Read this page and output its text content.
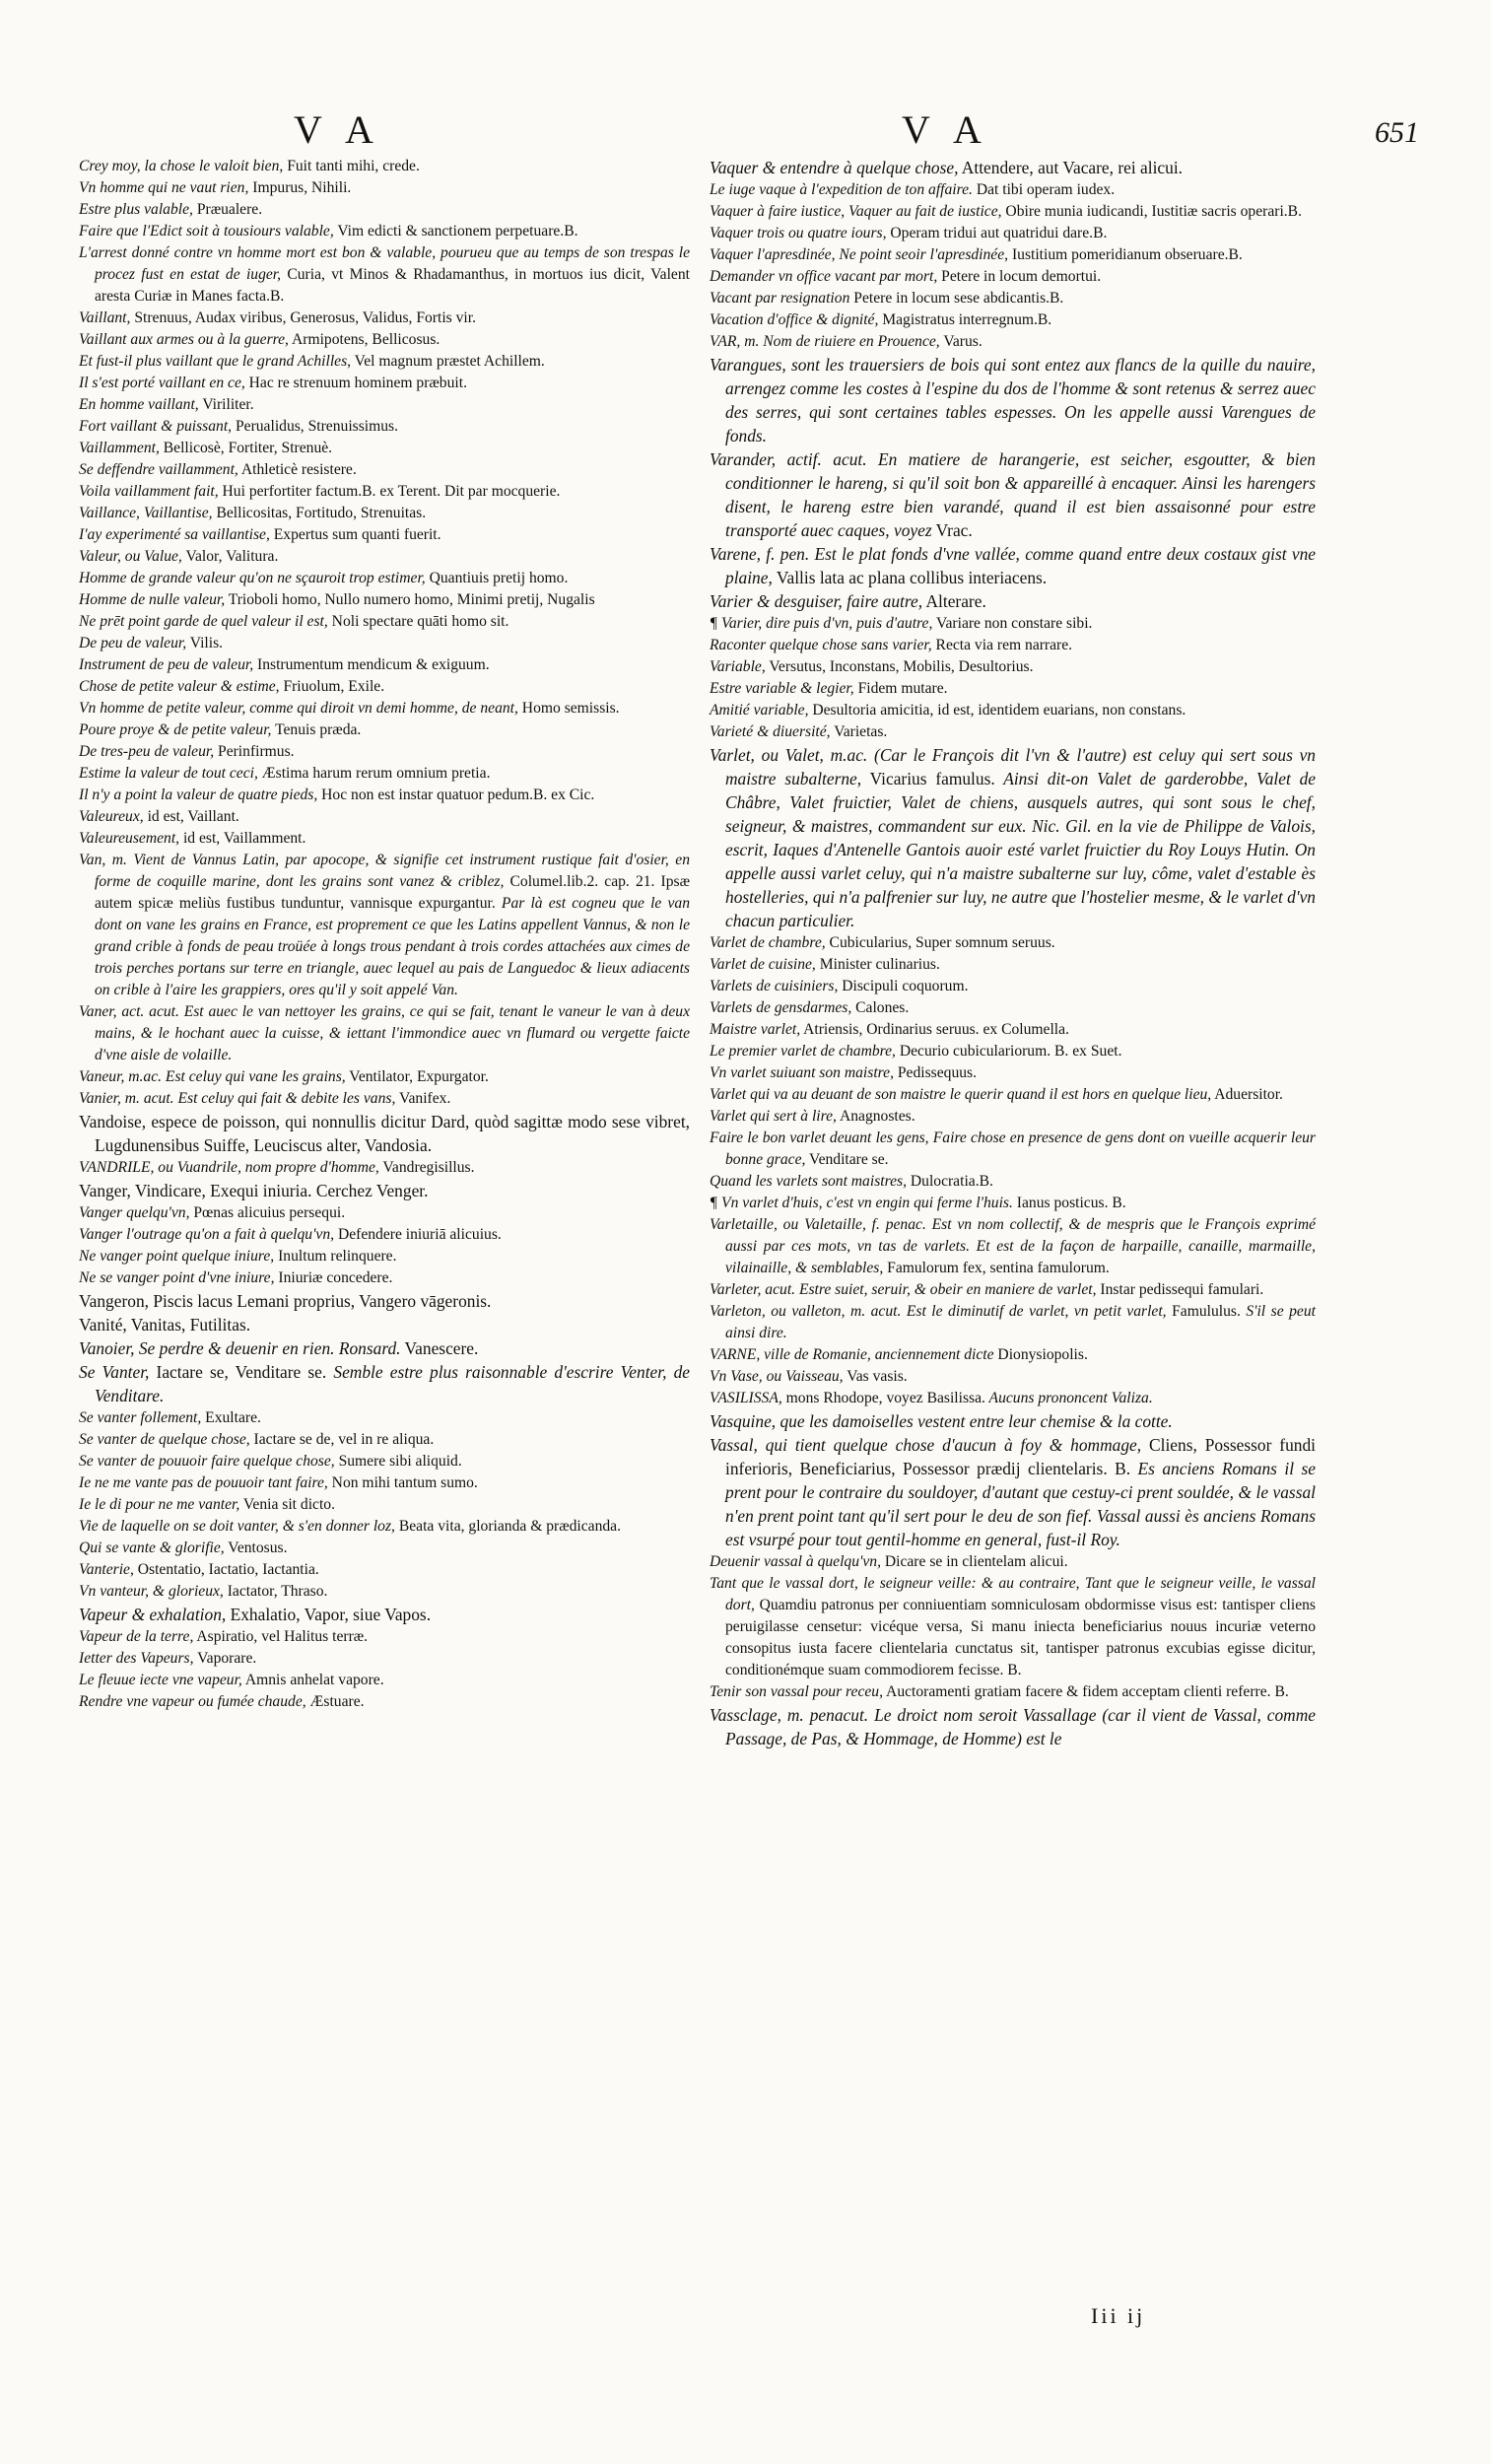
V A	V A	651

Crey moy, la chose le valoit bien, Fuit tanti mihi, crede.

Vn homme qui ne vaut rien, Impurus, Nihili.

Estre plus valable, Præualere.

Faire que l'Edict soit à tousiours valable, Vim edicti & sanctionem perpetuare.B.

L'arrest donné contre vn homme mort est bon & valable, pourueu que au temps de son trespas le procez fust en estat de iuger, Curia, vt Minos & Rhadamanthus, in mortuos ius dicit, Valent aresta Curiæ in Manes facta.B.

Vaillant, Strenuus, Audax viribus, Generosus, Validus, Fortis vir.

Vaillant aux armes ou à la guerre, Armipotens, Bellicosus.

Et fust-il plus vaillant que le grand Achilles, Vel magnum præstet Achillem.

Il s'est porté vaillant en ce, Hac re strenuum hominem præbuit.

En homme vaillant, Viriliter.

Fort vaillant & puissant, Perualidus, Strenuissimus.

Vaillamment, Bellicosè, Fortiter, Strenuè.

Se deffendre vaillamment, Athleticè resistere.

Voila vaillamment fait, Hui perfortiter factum.B. ex Terent. Dit par mocquerie.

Vaillance, Vaillantise, Bellicositas, Fortitudo, Strenuitas.

I'ay experimenté sa vaillantise, Expertus sum quanti fuerit.

Valeur, ou Value, Valor, Valitura.

Homme de grande valeur qu'on ne sçauroit trop estimer, Quantiuis pretij homo.

Homme de nulle valeur, Trioboli homo, Nullo numero homo, Minimi pretij, Nugalis

Ne prēt point garde de quel valeur il est, Noli spectare quāti homo sit.

De peu de valeur, Vilis.

Instrument de peu de valeur, Instrumentum mendicum & exiguum.

Chose de petite valeur & estime, Friuolum, Exile.

Vn homme de petite valeur, comme qui diroit vn demi homme, de neant, Homo semissis.

Poure proye & de petite valeur, Tenuis præda.

De tres-peu de valeur, Perinfirmus.

Estime la valeur de tout ceci, Æstima harum rerum omnium pretia.

Il n'y a point la valeur de quatre pieds, Hoc non est instar quatuor pedum.B. ex Cic.

Valeureux, id est, Vaillant.

Valeureusement, id est, Vaillamment.

Van, m. Vient de Vannus Latin, par apocope, & signifie cet instrument rustique fait d'osier, en forme de coquille marine, dont les grains sont vanez & criblez, Columel.lib.2. cap. 21. Ipsæ autem spicæ meliùs fustibus tunduntur, vannisque expurgantur. Par là est cogneu que le van dont on vane les grains en France, est proprement ce que les Latins appellent Vannus, & non le grand crible à fonds de peau troüée à longs trous pendant à trois cordes attachées aux cimes de trois perches portans sur terre en triangle, auec lequel au pais de Languedoc & lieux adiacents on crible à l'aire les grappiers, ores qu'il y soit appelé Van.

Vaner, act. acut. Est auec le van nettoyer les grains, ce qui se fait, tenant le vaneur le van à deux mains, & le hochant auec la cuisse, & iettant l'immondice auec vn flumard ou vergette faicte d'vne aisle de volaille.

Vaneur, m.ac. Est celuy qui vane les grains, Ventilator, Expurgator.

Vanier, m. acut. Est celuy qui fait & debite les vans, Vanifex.

Vandoise, espece de poisson, qui nonnullis dicitur Dard, quòd sagittæ modo sese vibret, Lugdunensibus Suiffe, Leuciscus alter, Vandosia.

VANDRILE, ou Vuandrile, nom propre d'homme, Vandregisillus.

Vanger, Vindicare, Exequi iniuria. Cerchez Venger.

Vanger quelqu'vn, Pœnas alicuius persequi.

Vanger l'outrage qu'on a fait à quelqu'vn, Defendere iniuriā alicuius.

Ne vanger point quelque iniure, Inultum relinquere.

Ne se vanger point d'vne iniure, Iniuriæ concedere.

Vangeron, Piscis lacus Lemani proprius, Vangero vāgeronis.

Vanité, Vanitas, Futilitas.

Vanoier, Se perdre & deuenir en rien. Ronsard. Vanescere.

Se Vanter, Iactare se, Venditare se. Semble estre plus raisonnable d'escrire Venter, de Venditare.

Se vanter follement, Exultare.

Se vanter de quelque chose, Iactare se de, vel in re aliqua.

Se vanter de pouuoir faire quelque chose, Sumere sibi aliquid.

Ie ne me vante pas de pouuoir tant faire, Non mihi tantum sumo.

Ie le di pour ne me vanter, Venia sit dicto.

Vie de laquelle on se doit vanter, & s'en donner loz, Beata vita, glorianda & prædicanda.

Qui se vante & glorifie, Ventosus.

Vanterie, Ostentatio, Iactatio, Iactantia.

Vn vanteur, & glorieux, Iactator, Thraso.

Vapeur & exhalation, Exhalatio, Vapor, siue Vapos.

Vapeur de la terre, Aspiratio, vel Halitus terræ.

Ietter des Vapeurs, Vaporare.

Le fleuue iecte vne vapeur, Amnis anhelat vapore.

Rendre vne vapeur ou fumée chaude, Æstuare.

Vaquer & entendre à quelque chose, Attendere, aut Vacare, rei alicui.

Le iuge vaque à l'expedition de ton affaire. Dat tibi operam iudex.

Vaquer à faire iustice, Vaquer au fait de iustice, Obire munia iudicandi, Iustitiæ sacris operari.B.

Vaquer trois ou quatre iours, Operam tridui aut quatridui dare.B.

Vaquer l'apresdinée, Ne point seoir l'apresdinée, Iustitium pomeridianum obseruare.B.

Demander vn office vacant par mort, Petere in locum demortui.

Vacant par resignation Petere in locum sese abdicantis.B.

Vacation d'office & dignité, Magistratus interregnum.B.

VAR, m. Nom de riuiere en Prouence, Varus.

Varangues, sont les trauersiers de bois qui sont entez aux flancs de la quille du nauire, arrengez comme les costes à l'espine du dos de l'homme & sont retenus & serrez auec des serres, qui sont certaines tables espesses. On les appelle aussi Varengues de fonds.

Varander, actif. acut. En matiere de harangerie, est seicher, esgoutter, & bien conditionner le hareng, si qu'il soit bon & appareillé à encaquer. Ainsi les harengers disent, le hareng estre bien varandé, quand il est bien assaisonné pour estre transporté auec caques, voyez Vrac.

Varene, f. pen. Est le plat fonds d'vne vallée, comme quand entre deux costaux gist vne plaine, Vallis lata ac plana collibus interiacens.

Varier & desguiser, faire autre, Alterare.

¶ Varier, dire puis d'vn, puis d'autre, Variare non constare sibi.

Raconter quelque chose sans varier, Recta via rem narrare.

Variable, Versutus, Inconstans, Mobilis, Desultorius.

Estre variable & legier, Fidem mutare.

Amitié variable, Desultoria amicitia, id est, identidem euarians, non constans.

Varieté & diuersité, Varietas.

Varlet, ou Valet, m.ac. (Car le François dit l'vn & l'autre) est celuy qui sert sous vn maistre subalterne, Vicarius famulus. Ainsi dit-on Valet de garderobbe, Valet de Châbre, Valet fruictier, Valet de chiens, ausquels autres, qui sont sous le chef, seigneur, & maistres, commandent sur eux. Nic. Gil. en la vie de Philippe de Valois, escrit, Iaques d'Antenelle Gantois auoir esté varlet fruictier du Roy Louys Hutin. On appelle aussi varlet celuy, qui n'a maistre subalterne sur luy, côme, valet d'estable ès hostelleries, qui n'a palfrenier sur luy, ne autre que l'hostelier mesme, & le varlet d'vn chacun particulier.

Varlet de chambre, Cubicularius, Super somnum seruus.

Varlet de cuisine, Minister culinarius.

Varlets de cuisiniers, Discipuli coquorum.

Varlets de gensdarmes, Calones.

Maistre varlet, Atriensis, Ordinarius seruus. ex Columella.

Le premier varlet de chambre, Decurio cubiculariorum. B. ex Suet.

Vn varlet suiuant son maistre, Pedissequus.

Varlet qui va au deuant de son maistre le querir quand il est hors en quelque lieu, Aduersitor.

Varlet qui sert à lire, Anagnostes.

Faire le bon varlet deuant les gens, Faire chose en presence de gens dont on vueille acquerir leur bonne grace, Venditare se.

Quand les varlets sont maistres, Dulocratia.B.

¶ Vn varlet d'huis, c'est vn engin qui ferme l'huis. Ianus posticus. B.

Varletaille, ou Valetaille, f. penac. Est vn nom collectif, & de mespris que le François exprimé aussi par ces mots, vn tas de varlets. Et est de la façon de harpaille, canaille, marmaille, vilainaille, & semblables, Famulorum fex, sentina famulorum.

Varleter, acut. Estre suiet, seruir, & obeir en maniere de varlet, Instar pedissequi famulari.

Varleton, ou valleton, m. acut. Est le diminutif de varlet, vn petit varlet, Famululus. S'il se peut ainsi dire.

VARNE, ville de Romanie, anciennement dicte Dionysiopolis.

Vn Vase, ou Vaisseau, Vas vasis.

VASILISSA, mons Rhodope, voyez Basilissa. Aucuns prononcent Valiza.

Vasquine, que les damoiselles vestent entre leur chemise & la cotte.

Vassal, qui tient quelque chose d'aucun à foy & hommage, Cliens, Possessor fundi inferioris, Beneficiarius, Possessor prædij clientelaris. B. Es anciens Romans il se prent pour le contraire du souldoyer, d'autant que cestuy-ci prent souldée, & le vassal n'en prent point tant qu'il sert pour le deu de son fief. Vassal aussi ès anciens Romans est vsurpé pour tout gentil-homme en general, fust-il Roy.

Deuenir vassal à quelqu'vn, Dicare se in clientelam alicui.

Tant que le vassal dort, le seigneur veille: & au contraire, Tant que le seigneur veille, le vassal dort, Quamdiu patronus per conniuentiam somniculosam obdormisse visus est: tantisper cliens peruigilasse censetur: vicéque versa, Si manu iniecta beneficiarius nouus incuriæ veterno consopitus iusta facere clientelaria cunctatus sit, tantisper patronus excubias egisse dicitur, conditionémque suam commodiorem fecisse. B.

Tenir son vassal pour receu, Auctoramenti gratiam facere & fidem acceptam clienti referre. B.

Vassclage, m. penacut. Le droict nom seroit Vassallage (car il vient de Vassal, comme Passage, de Pas, & Hommage, de Homme) est le

Iii ij
